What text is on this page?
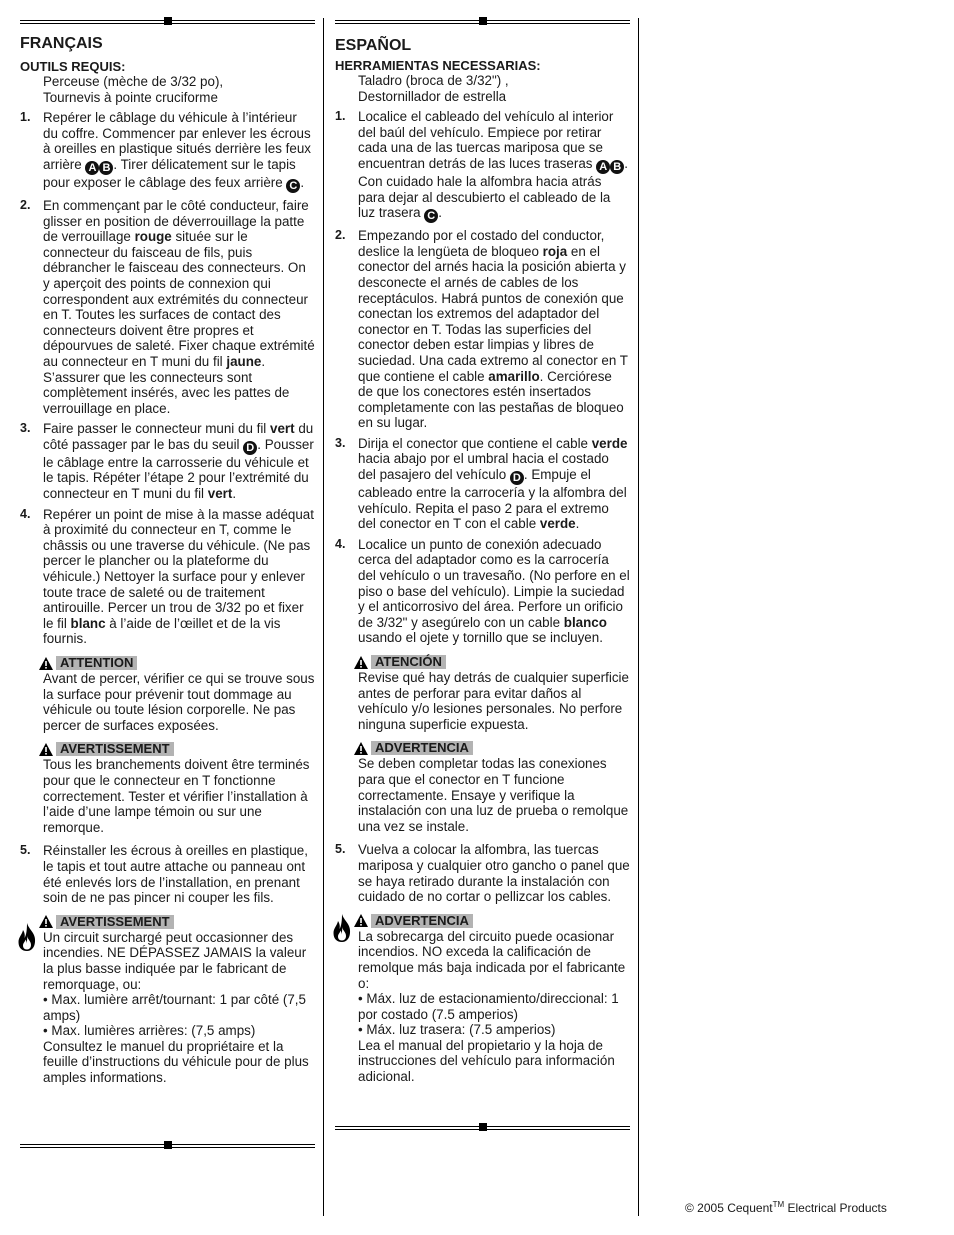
FRANÇAIS

OUTILS REQUIS:

Perceuse (mèche de 3/32 po),

Tournevis à pointe cruciforme

1. Repérer le câblage du véhicule à l’intérieur du coffre. Commencer par enlever les écrous à oreilles en plastique situés derrière les feux arrière A B . Tirer délicatement sur le tapis pour exposer le câblage des feux arrière C .
2. En commençant par le côté conducteur, faire glisser en position de déverrouillage la patte de verrouillage rouge située sur le connecteur du faisceau de fils, puis débrancher le faisceau des connecteurs. On y aperçoit des points de connexion qui correspondent aux extrémités du connecteur en T. Toutes les surfaces de contact des connecteurs doivent être propres et dépourvues de saleté. Fixer chaque extrémité au connecteur en T muni du fil jaune. S’assurer que les connecteurs sont complètement insérés, avec les pattes de verrouillage en place.
3. Faire passer le connecteur muni du fil vert du côté passager par le bas du seuil D . Pousser le câblage entre la carrosserie du véhicule et le tapis. Répéter l’étape 2 pour l’extrémité du connecteur en T muni du fil vert.
4. Repérer un point de mise à la masse adéquat à proximité du connecteur en T, comme le châssis ou une traverse du véhicule. (Ne pas percer le plancher ou la plateforme du véhicule.) Nettoyer la surface pour y enlever toute trace de saleté ou de traitement antirouille. Percer un trou de 3/32 po et fixer le fil blanc à l’aide de l’œillet et de la vis fournis.
ATTENTION
Avant de percer, vérifier ce qui se trouve sous la surface pour prévenir tout dommage au véhicule ou toute lésion corporelle. Ne pas percer de surfaces exposées.
AVERTISSEMENT
Tous les branchements doivent être terminés pour que le connecteur en T fonctionne correctement. Tester et vérifier l’installation à l’aide d’une lampe témoin ou sur une remorque.
5. Réinstaller les écrous à oreilles en plastique, le tapis et tout autre attache ou panneau ont été enlevés lors de l’installation, en prenant soin de ne pas pincer ni couper les fils.
AVERTISSEMENT
Un circuit surchargé peut occasionner des incendies. NE DÉPASSEZ JAMAIS la valeur la plus basse indiquée par le fabricant de remorquage, ou:
• Max. lumière arrêt/tournant: 1 par côté (7,5 amps)
• Max. lumières arrières: (7,5 amps)
Consultez le manuel du propriétaire et la feuille d’instructions du véhicule pour de plus amples informations.

ESPAÑOL

HERRAMIENTAS NECESSARIAS:

Taladro (broca de 3/32") ,

Destornillador de estrella

1. Localice el cableado del vehículo al interior del baúl del vehículo. Empiece por retirar cada una de las tuercas mariposa que se encuentran detrás de las luces traseras A B . Con cuidado hale la alfombra hacia atrás para dejar al descubierto el cableado de la luz trasera C .
2. Empezando por el costado del conductor, deslice la lengüeta de bloqueo roja en el conector del arnés hacia la posición abierta y desconecte el arnés de cables de los receptáculos. Habrá puntos de conexión que conectan los extremos del adaptador del conector en T. Todas las superficies del conector deben estar limpias y libres de suciedad. Una cada extremo al conector en T que contiene el cable amarillo. Cerciórese de que los conectores estén insertados completamente con las pestañas de bloqueo en su lugar.
3. Dirija el conector que contiene el cable verde hacia abajo por el umbral hacia el costado del pasajero del vehículo D . Empuje el cableado entre la carrocería y la alfombra del vehículo. Repita el paso 2 para el extremo del conector en T con el cable verde.
4. Localice un punto de conexión adecuado cerca del adaptador como es la carrocería del vehículo o un travesaño. (No perfore en el piso o base del vehículo). Limpie la suciedad y el anticorrosivo del área. Perfore un orificio de 3/32" y asegúrelo con un cable blanco usando el ojete y tornillo que se incluyen.
ATENCIÓN
Revise qué hay detrás de cualquier superficie antes de perforar para evitar daños al vehículo y/o lesiones personales. No perfore ninguna superficie expuesta.
ADVERTENCIA
Se deben completar todas las conexiones para que el conector en T funcione correctamente. Ensaye y verifique la instalación con una luz de prueba o remolque una vez se instale.
5. Vuelva a colocar la alfombra, las tuercas mariposa y cualquier otro gancho o panel que se haya retirado durante la instalación con cuidado de no cortar o pellizcar los cables.
ADVERTENCIA
La sobrecarga del circuito puede ocasionar incendios. NO exceda la calificación de remolque más baja indicada por el fabricante o:
• Máx. luz de estacionamiento/direccional: 1 por costado (7.5 amperios)
• Máx. luz trasera: (7.5 amperios)
Lea el manual del propietario y la hoja de instrucciones del vehículo para información adicional.
© 2005 Cequent™ Electrical Products
